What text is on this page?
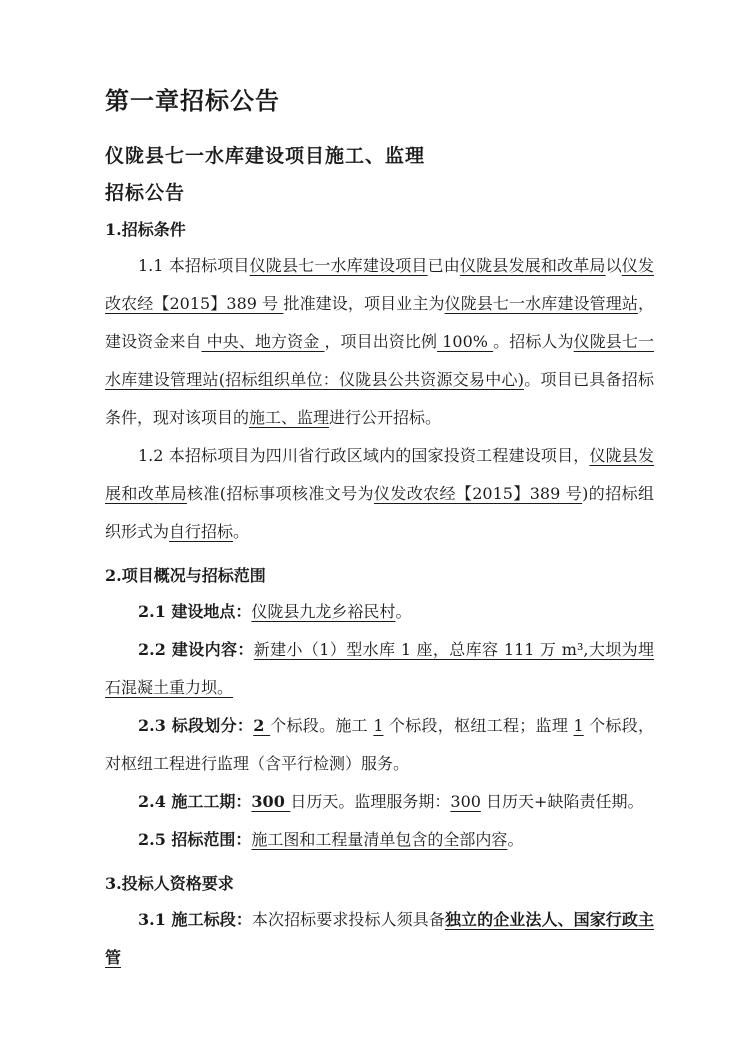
第一章招标公告
仪陇县七一水库建设项目施工、监理
招标公告
1.招标条件
1.1 本招标项目仪陇县七一水库建设项目已由仪陇县发展和改革局以仪发改农经【2015】389 号 批准建设，项目业主为仪陇县七一水库建设管理站，建设资金来自 中央、地方资金 ，项目出资比例 100% 。招标人为仪陇县七一水库建设管理站(招标组织单位：仪陇县公共资源交易中心)。项目已具备招标条件，现对该项目的施工、监理进行公开招标。
1.2 本招标项目为四川省行政区域内的国家投资工程建设项目，仪陇县发展和改革局核准(招标事项核准文号为仪发改农经【2015】389 号)的招标组织形式为自行招标。
2.项目概况与招标范围
2.1 建设地点：仪陇县九龙乡裕民村。
2.2 建设内容：新建小（1）型水库 1 座，总库容 111 万 m³,大坝为埋石混凝土重力坝。
2.3 标段划分：2 个标段。施工 1 个标段，枢纽工程；监理 1 个标段，对枢纽工程进行监理（含平行检测）服务。
2.4 施工工期：300 日历天。监理服务期：300 日历天+缺陷责任期。
2.5 招标范围：施工图和工程量清单包含的全部内容。
3.投标人资格要求
3.1 施工标段：本次招标要求投标人须具备独立的企业法人、国家行政主管
